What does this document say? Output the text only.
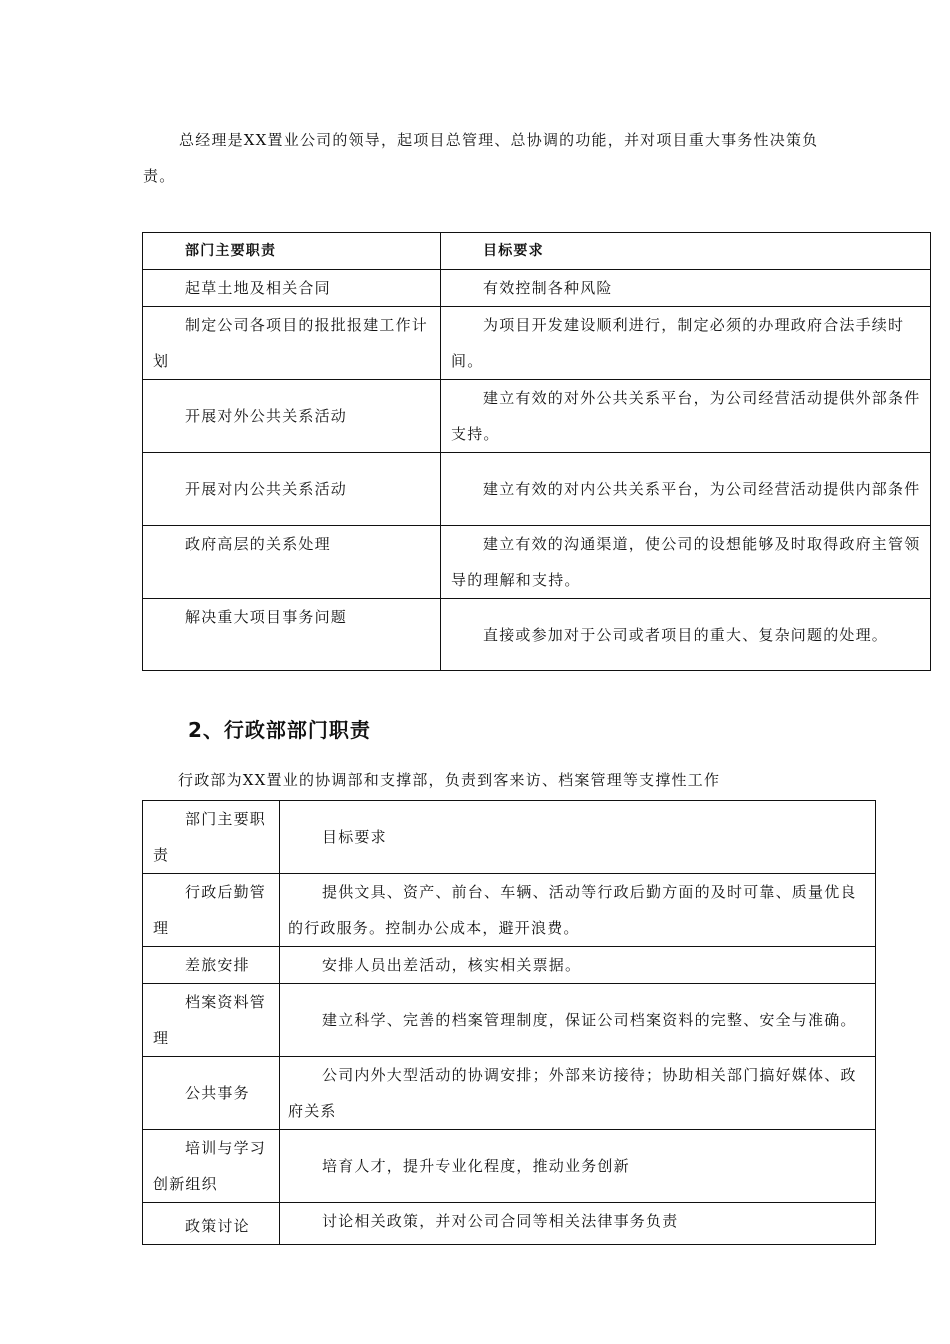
总经理是XX置业公司的领导，起项目总管理、总协调的功能，并对项目重大事务性决策负责。

部门主要职责	目标要求
起草土地及相关合同	有效控制各种风险
制定公司各项目的报批报建工作计划	为项目开发建设顺利进行，制定必须的办理政府合法手续时间。
开展对外公共关系活动	建立有效的对外公共关系平台，为公司经营活动提供外部条件支持。
开展对内公共关系活动	建立有效的对内公共关系平台，为公司经营活动提供内部条件
政府高层的关系处理	建立有效的沟通渠道，使公司的设想能够及时取得政府主管领导的理解和支持。
解决重大项目事务问题	直接或参加对于公司或者项目的重大、复杂问题的处理。
2、行政部部门职责

行政部为XX置业的协调部和支撑部，负责到客来访、档案管理等支撑性工作

部门主要职责	目标要求
行政后勤管理	提供文具、资产、前台、车辆、活动等行政后勤方面的及时可靠、质量优良的行政服务。控制办公成本，避开浪费。
差旅安排	安排人员出差活动，核实相关票据。
档案资料管理	建立科学、完善的档案管理制度，保证公司档案资料的完整、安全与准确。
公共事务	公司内外大型活动的协调安排；外部来访接待；协助相关部门搞好媒体、政府关系
培训与学习创新组织	培育人才，提升专业化程度，推动业务创新
政策讨论	讨论相关政策，并对公司合同等相关法律事务负责
